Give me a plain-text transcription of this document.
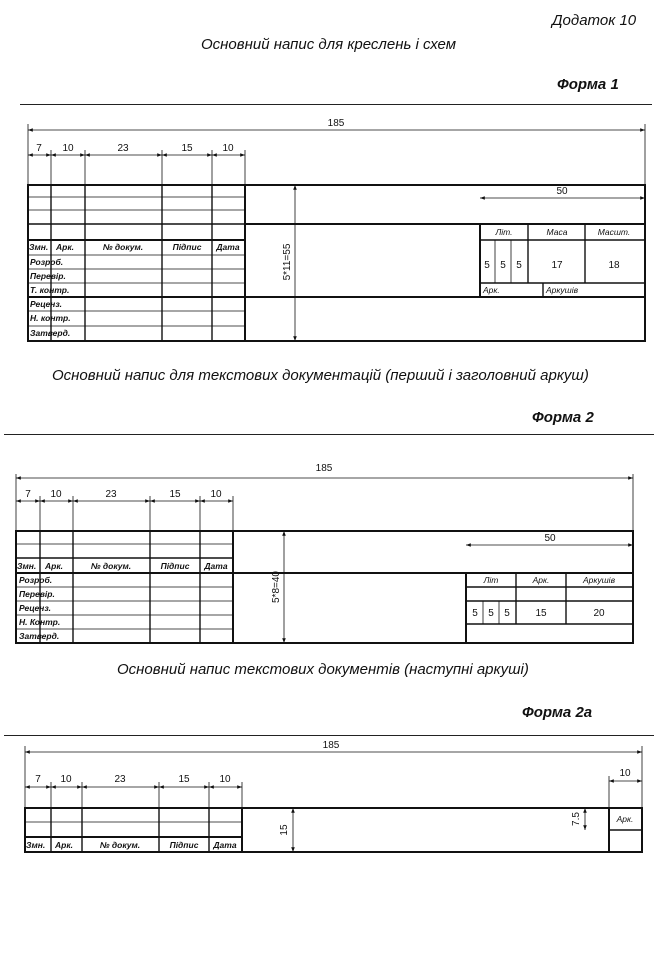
Додаток 10
Основний напис для креслень і схем
Форма 1
Основний напис для текстових документацій (перший і заголовний аркуш)
Форма 2
Основний напис текстових документів (наступні аркуші)
Форма 2а
185
7 10	23	15	10
50
5*11=55
Змн. Арк.	№ докум.	Підпис Дата
Розроб.
Перевір.
Т. контр.
Реценз.
Н. контр.
Затверд.
Літ.	Маса	Масшт.
5 5 5	17	18
Арк.	Аркушів
185
7 10	23	15	10
50
5*8=40
Змн. Арк.	№ докум.	Підпис Дата
Розроб.
Перевір.
Реценз.
Н. Контр.
Затверд.
Літ	Арк.	Аркушів
5 5 5	15	20
185
7 10	23	15	10
10
15
7.5
Змн. Арк.	№ докум.	Підпис Дата
Арк.
